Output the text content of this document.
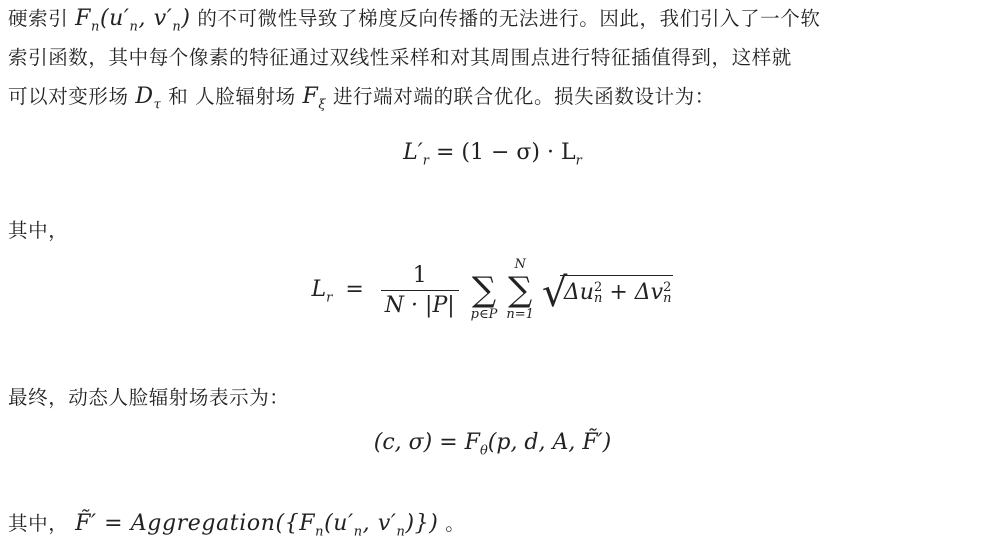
硬索引 $F_n(u'_n$, $v'_n$) 的不可微性导致了梯度反向传播的无法进行。因此，我们引入了一个软
索引函数，其中每个像素的特征通过双线性采样和对其周围点进行特征插值得到，这样就
可以对变形场 $D_\tau$ 和 人脸辐射场 $F_\xi$ 进行端对端的联合优化。损失函数设计为：
$L'_r = (1 - \sigma) \cdot L_r$
其中，
$L_r = \frac{1}{N \cdot |P|}$
∑
p∈P

N
∑
n=1
√
Δu 2
n + Δv 2
n
最终，动态人脸辐射场表示为：
(c, $\sigma) = F_\theta(p$, d, A, F̃′)
其中， F̃′ = $Aggregation(\{F_n(u'_n$, $v'_n$)}) 。
